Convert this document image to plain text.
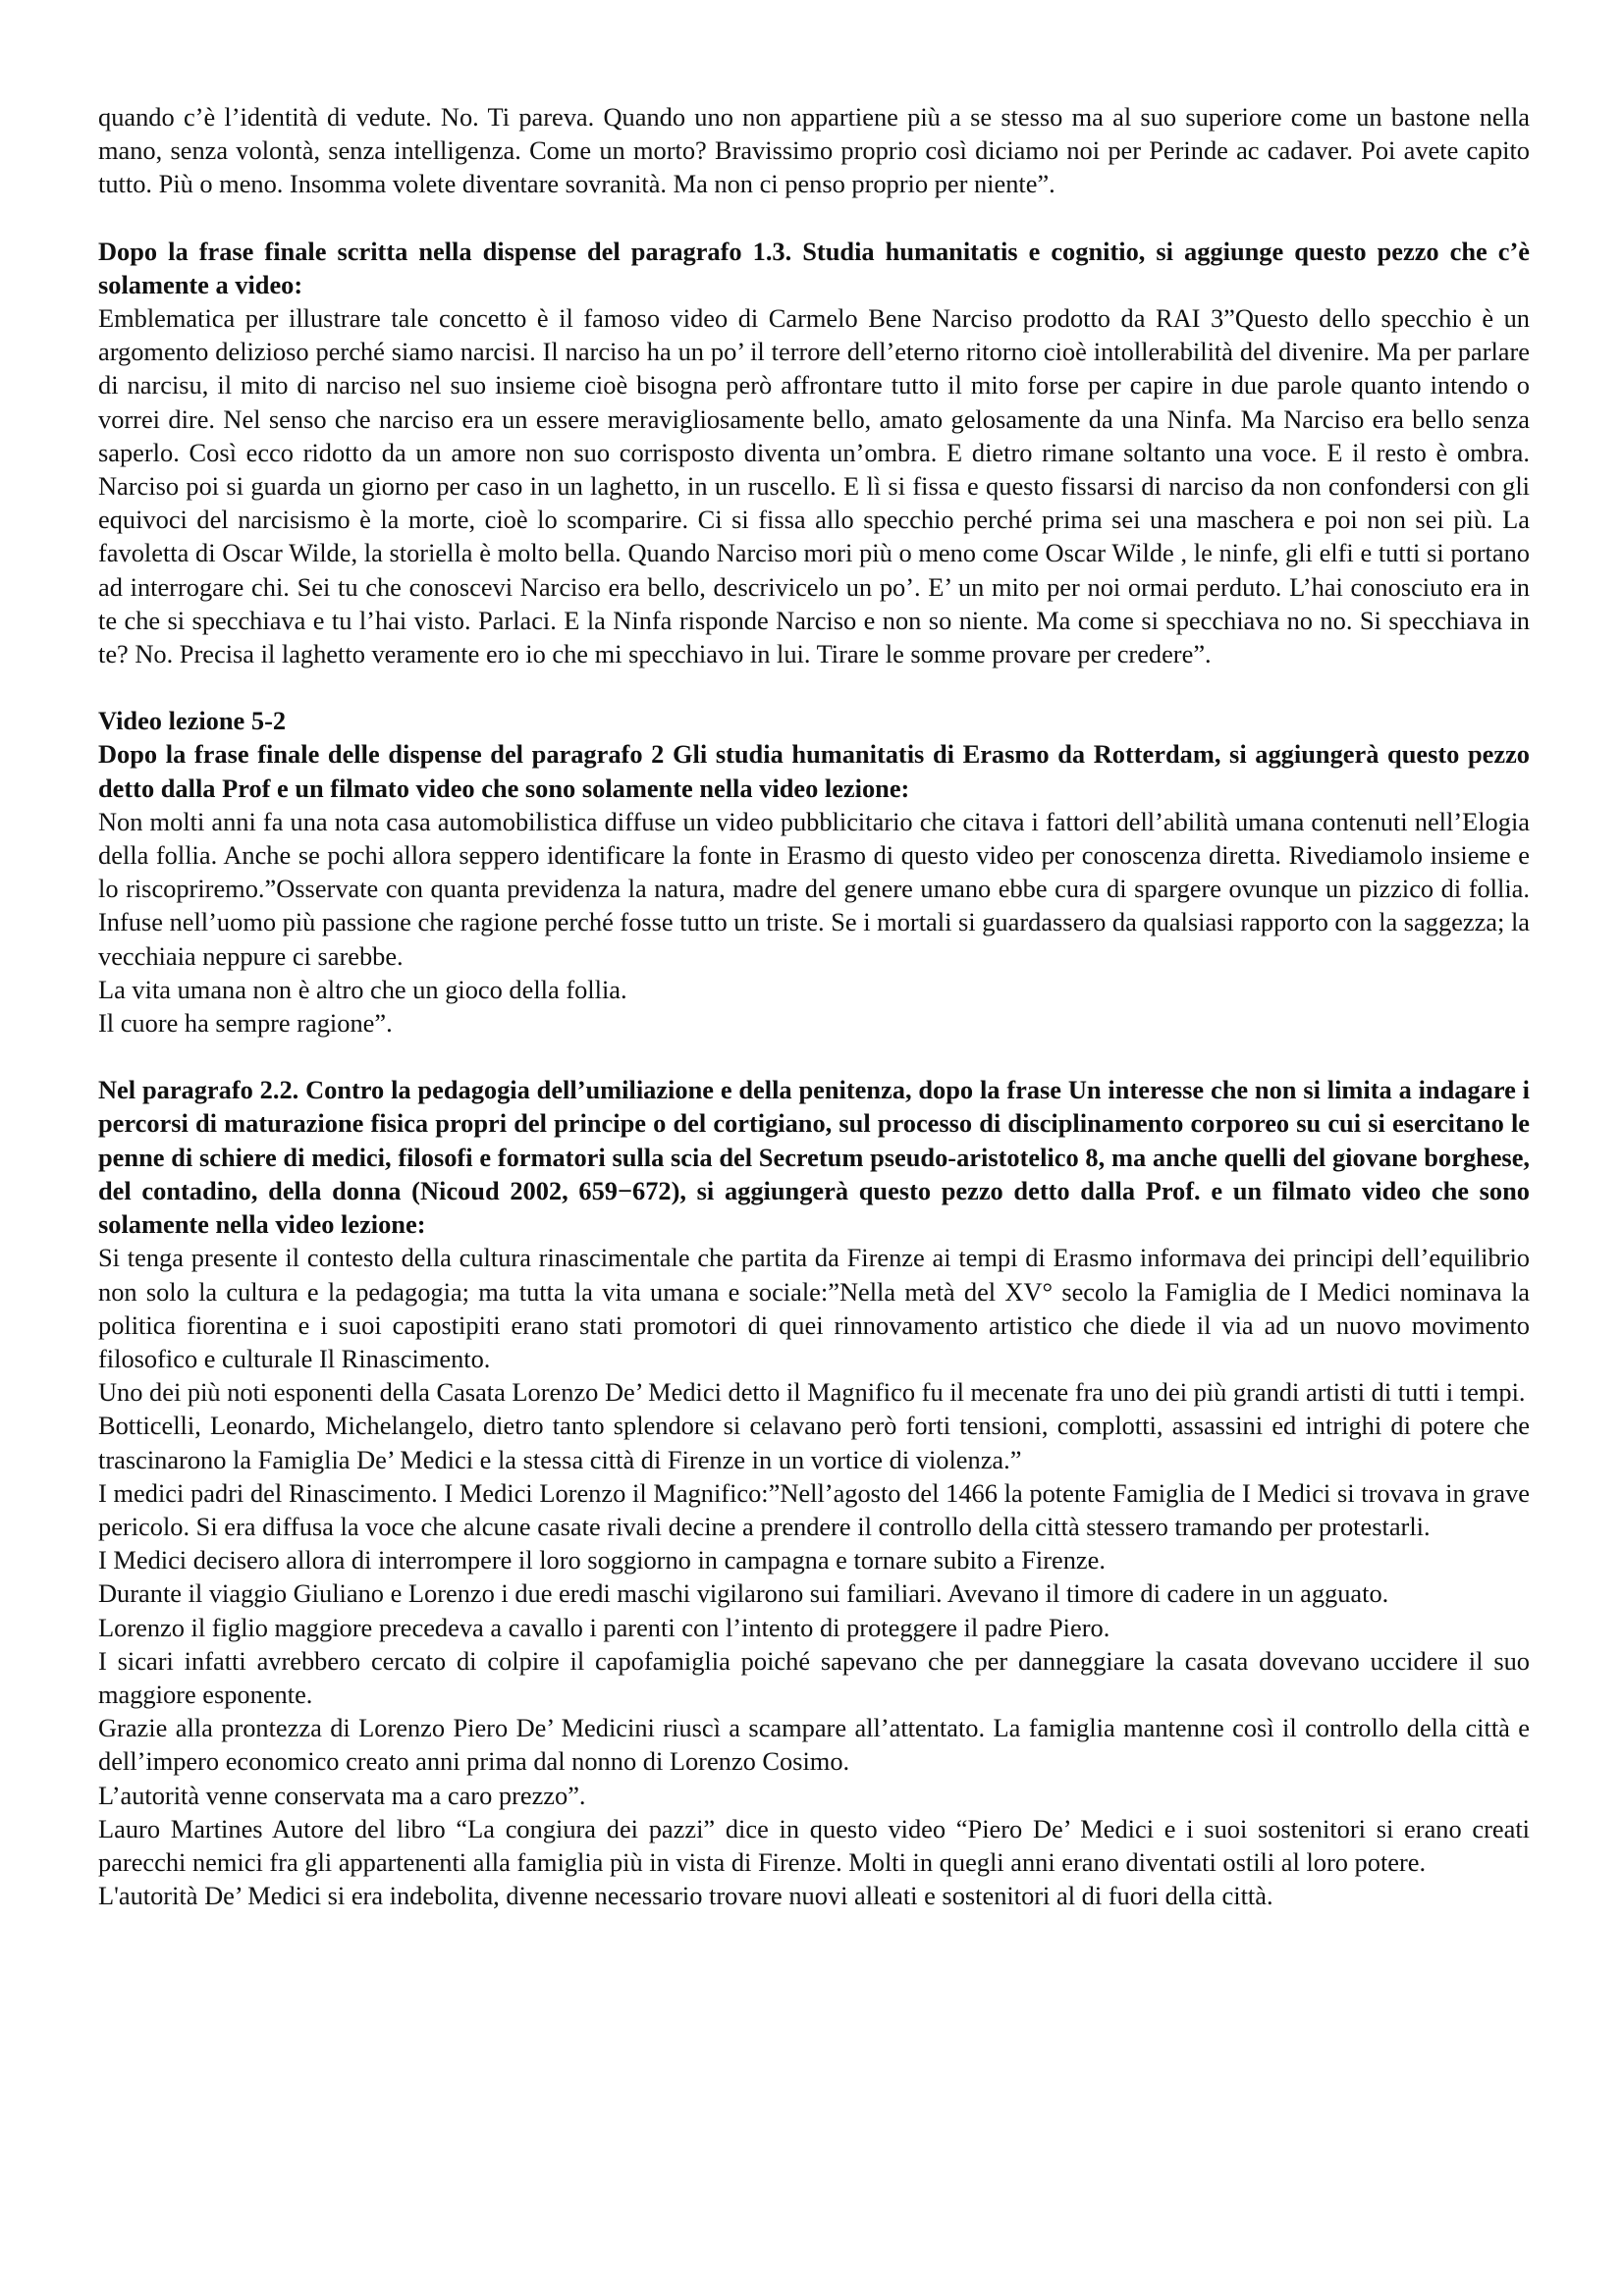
quando c’è l’identità di vedute. No. Ti pareva. Quando uno non appartiene più a se stesso ma al suo superiore come un bastone nella mano, senza volontà, senza intelligenza. Come un morto? Bravissimo proprio così diciamo noi per Perinde ac cadaver. Poi avete capito tutto. Più o meno. Insomma volete diventare sovranità. Ma non ci penso proprio per niente”.

Dopo la frase finale scritta nella dispense del paragrafo 1.3. Studia humanitatis e cognitio, si aggiunge questo pezzo che c’è solamente a video:

Emblematica per illustrare tale concetto è il famoso video di Carmelo Bene Narciso prodotto da RAI 3”Questo dello specchio è un argomento delizioso perché siamo narcisi. Il narciso ha un po’ il terrore dell’eterno ritorno cioè intollerabilità del divenire. Ma per parlare di narcisu, il mito di narciso nel suo insieme cioè bisogna però affrontare tutto il mito forse per capire in due parole quanto intendo o vorrei dire. Nel senso che narciso era un essere meravigliosamente bello, amato gelosamente da una Ninfa. Ma Narciso era bello senza saperlo. Così ecco ridotto da un amore non suo corrisposto diventa un’ombra. E dietro rimane soltanto una voce. E il resto è ombra. Narciso poi si guarda un giorno per caso in un laghetto, in un ruscello. E lì si fissa e questo fissarsi di narciso da non confondersi con gli equivoci del narcisismo è la morte, cioè lo scomparire. Ci si fissa allo specchio perché prima sei una maschera e poi non sei più. La favoletta di Oscar Wilde, la storiella è molto bella. Quando Narciso mori più o meno come Oscar Wilde , le ninfe, gli elfi e tutti si portano ad interrogare chi. Sei tu che conoscevi Narciso era bello, descrivicelo un po’. E’ un mito per noi ormai perduto. L’hai conosciuto era in te che si specchiava e tu l’hai visto. Parlaci. E la Ninfa risponde Narciso e non so niente. Ma come si specchiava no no. Si specchiava in te? No. Precisa il laghetto veramente ero io che mi specchiavo in lui. Tirare le somme provare per credere”.

Video lezione 5-2

Dopo la frase finale delle dispense del paragrafo 2 Gli studia humanitatis di Erasmo da Rotterdam, si aggiungerà questo pezzo detto dalla Prof e un filmato video che sono solamente nella video lezione:

Non molti anni fa una nota casa automobilistica diffuse un video pubblicitario che citava i fattori dell’abilità umana contenuti nell’Elogia della follia. Anche se pochi allora seppero identificare la fonte in Erasmo di questo video per conoscenza diretta. Rivediamolo insieme e lo riscopriremo.”Osservate con quanta previdenza la natura, madre del genere umano ebbe cura di spargere ovunque un pizzico di follia. Infuse nell’uomo più passione che ragione perché fosse tutto un triste. Se i mortali si guardassero da qualsiasi rapporto con la saggezza; la vecchiaia neppure ci sarebbe.

La vita umana non è altro che un gioco della follia.

Il cuore ha sempre ragione”.

Nel paragrafo 2.2. Contro la pedagogia dell’umiliazione e della penitenza, dopo la frase Un interesse che non si limita a indagare i percorsi di maturazione fisica propri del principe o del cortigiano, sul processo di disciplinamento corporeo su cui si esercitano le penne di schiere di medici, filosofi e formatori sulla scia del Secretum pseudo-aristotelico 8, ma anche quelli del giovane borghese, del contadino, della donna (Nicoud 2002, 659−672), si aggiungerà questo pezzo detto dalla Prof. e un filmato video che sono solamente nella video lezione:

Si tenga presente il contesto della cultura rinascimentale che partita da Firenze ai tempi di Erasmo informava dei principi dell’equilibrio non solo la cultura e la pedagogia; ma tutta la vita umana e sociale:”Nella metà del XV° secolo la Famiglia de I Medici nominava la politica fiorentina e i suoi capostipiti erano stati promotori di quei rinnovamento artistico che diede il via ad un nuovo movimento filosofico e culturale Il Rinascimento.

Uno dei più noti esponenti della Casata Lorenzo De’ Medici detto il Magnifico fu il mecenate fra uno dei più grandi artisti di tutti i tempi.

Botticelli, Leonardo, Michelangelo, dietro tanto splendore si celavano però forti tensioni, complotti, assassini ed intrighi di potere che trascinarono la Famiglia De’ Medici e la stessa città di Firenze in un vortice di violenza.”

I medici padri del Rinascimento. I Medici Lorenzo il Magnifico:”Nell’agosto del 1466 la potente Famiglia de I Medici si trovava in grave pericolo. Si era diffusa la voce che alcune casate rivali decine a prendere il controllo della città stessero tramando per protestarli.

I Medici decisero allora di interrompere il loro soggiorno in campagna e tornare subito a Firenze.

Durante il viaggio Giuliano e Lorenzo i due eredi maschi vigilarono sui familiari. Avevano il timore di cadere in un agguato.

Lorenzo il figlio maggiore precedeva a cavallo i parenti con l’intento di proteggere il padre Piero.

I sicari infatti avrebbero cercato di colpire il capofamiglia poiché sapevano che per danneggiare la casata dovevano uccidere il suo maggiore esponente.

Grazie alla prontezza di Lorenzo Piero De’ Medicini riuscì a scampare all’attentato. La famiglia mantenne così il controllo della città e dell’impero economico creato anni prima dal nonno di Lorenzo Cosimo.

L’autorità venne conservata ma a caro prezzo”.

Lauro Martines Autore del libro “La congiura dei pazzi” dice in questo video “Piero De’ Medici e i suoi sostenitori si erano creati parecchi nemici fra gli appartenenti alla famiglia più in vista di Firenze. Molti in quegli anni erano diventati ostili al loro potere.

L'autorità De’ Medici si era indebolita, divenne necessario trovare nuovi alleati e sostenitori al di fuori della città.
